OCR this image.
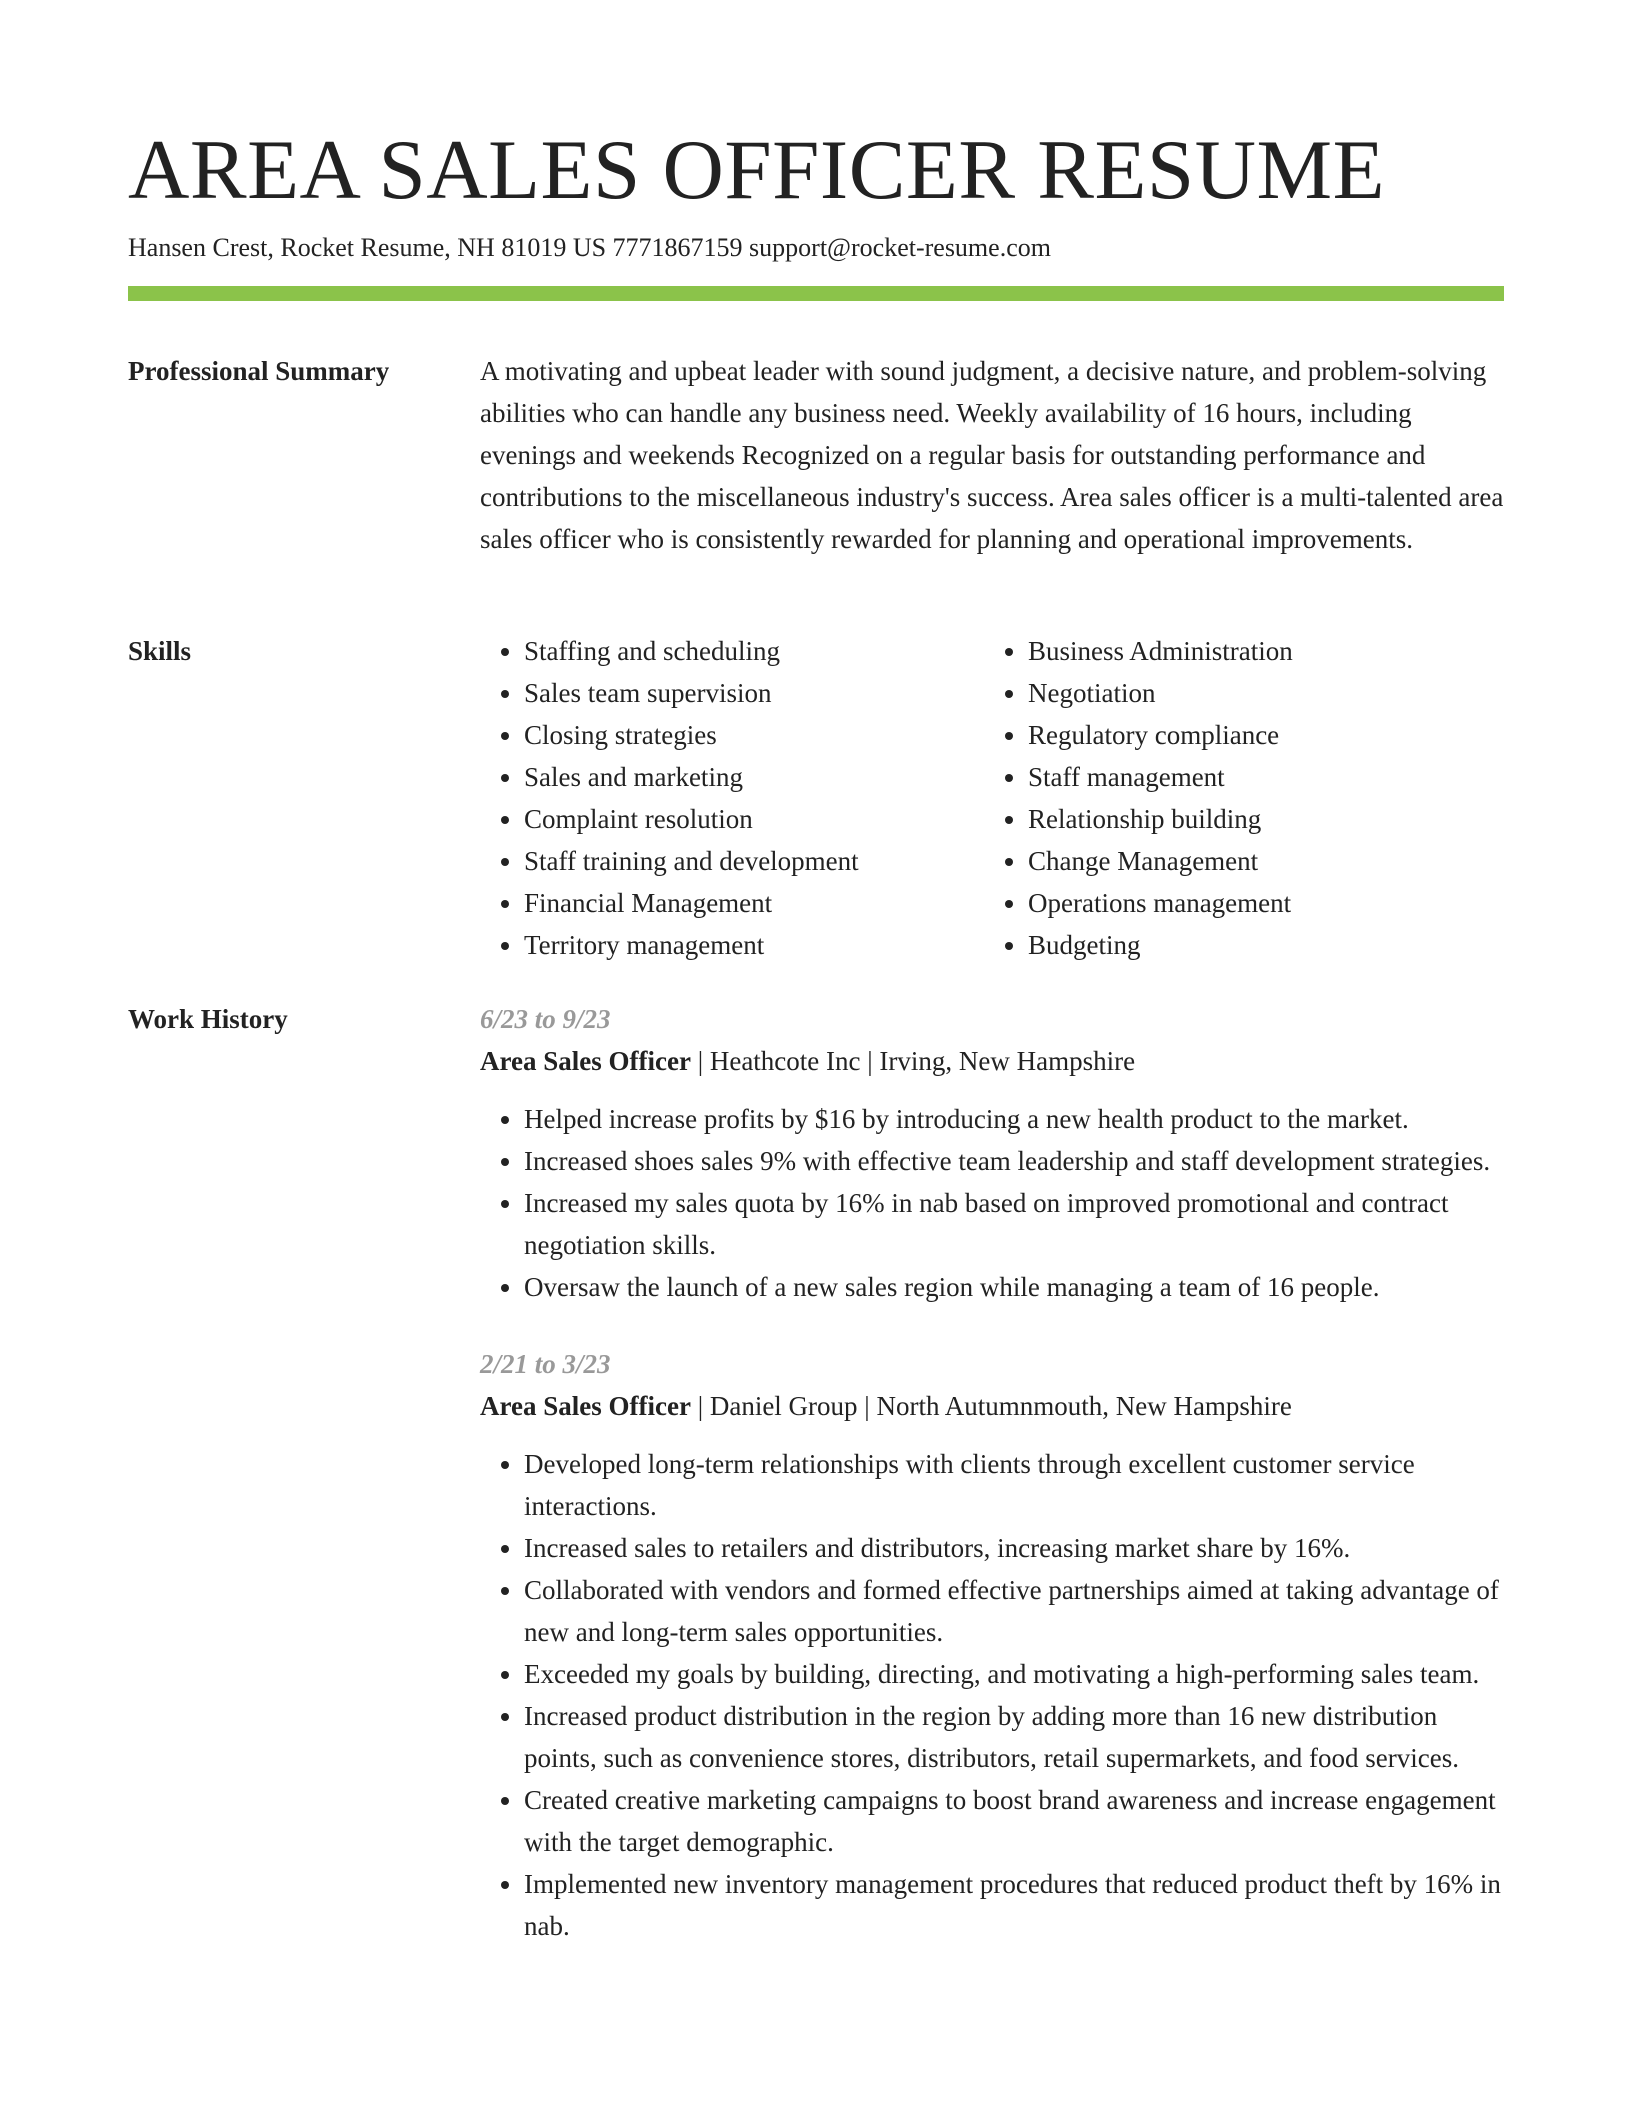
AREA SALES OFFICER RESUME
Hansen Crest, Rocket Resume, NH 81019 US 7771867159 support@rocket-resume.com
Professional Summary	A motivating and upbeat leader with sound judgment, a decisive nature, and problem-solving abilities who can handle any business need. Weekly availability of 16 hours, including evenings and weekends Recognized on a regular basis for outstanding performance and contributions to the miscellaneous industry's success. Area sales officer is a multi-talented area sales officer who is consistently rewarded for planning and operational improvements.

Skills
•	Staffing and scheduling
• Sales team supervision
• Closing strategies
• Sales and marketing
• Complaint resolution
• Staff training and development
• Financial Management
• Territory management
• Business Administration
• Negotiation
• Regulatory compliance
• Staff management
• Relationship building
• Change Management
• Operations management
• Budgeting
Work History	6/23 to 9/23
Area Sales Officer | Heathcote Inc | Irving, New Hampshire
• Helped increase profits by $16 by introducing a new health product to the market.
• Increased shoes sales 9% with effective team leadership and staff development strategies.
• Increased my sales quota by 16% in nab based on improved promotional and contract negotiation skills.
• Oversaw the launch of a new sales region while managing a team of 16 people.
2/21 to 3/23
Area Sales Officer | Daniel Group | North Autumnmouth, New Hampshire
• Developed long-term relationships with clients through excellent customer service interactions.
• Increased sales to retailers and distributors, increasing market share by 16%.
• Collaborated with vendors and formed effective partnerships aimed at taking advantage of new and long-term sales opportunities.
• Exceeded my goals by building, directing, and motivating a high-performing sales team.
• Increased product distribution in the region by adding more than 16 new distribution points, such as convenience stores, distributors, retail supermarkets, and food services.
• Created creative marketing campaigns to boost brand awareness and increase engagement with the target demographic.
• Implemented new inventory management procedures that reduced product theft by 16% in nab.
